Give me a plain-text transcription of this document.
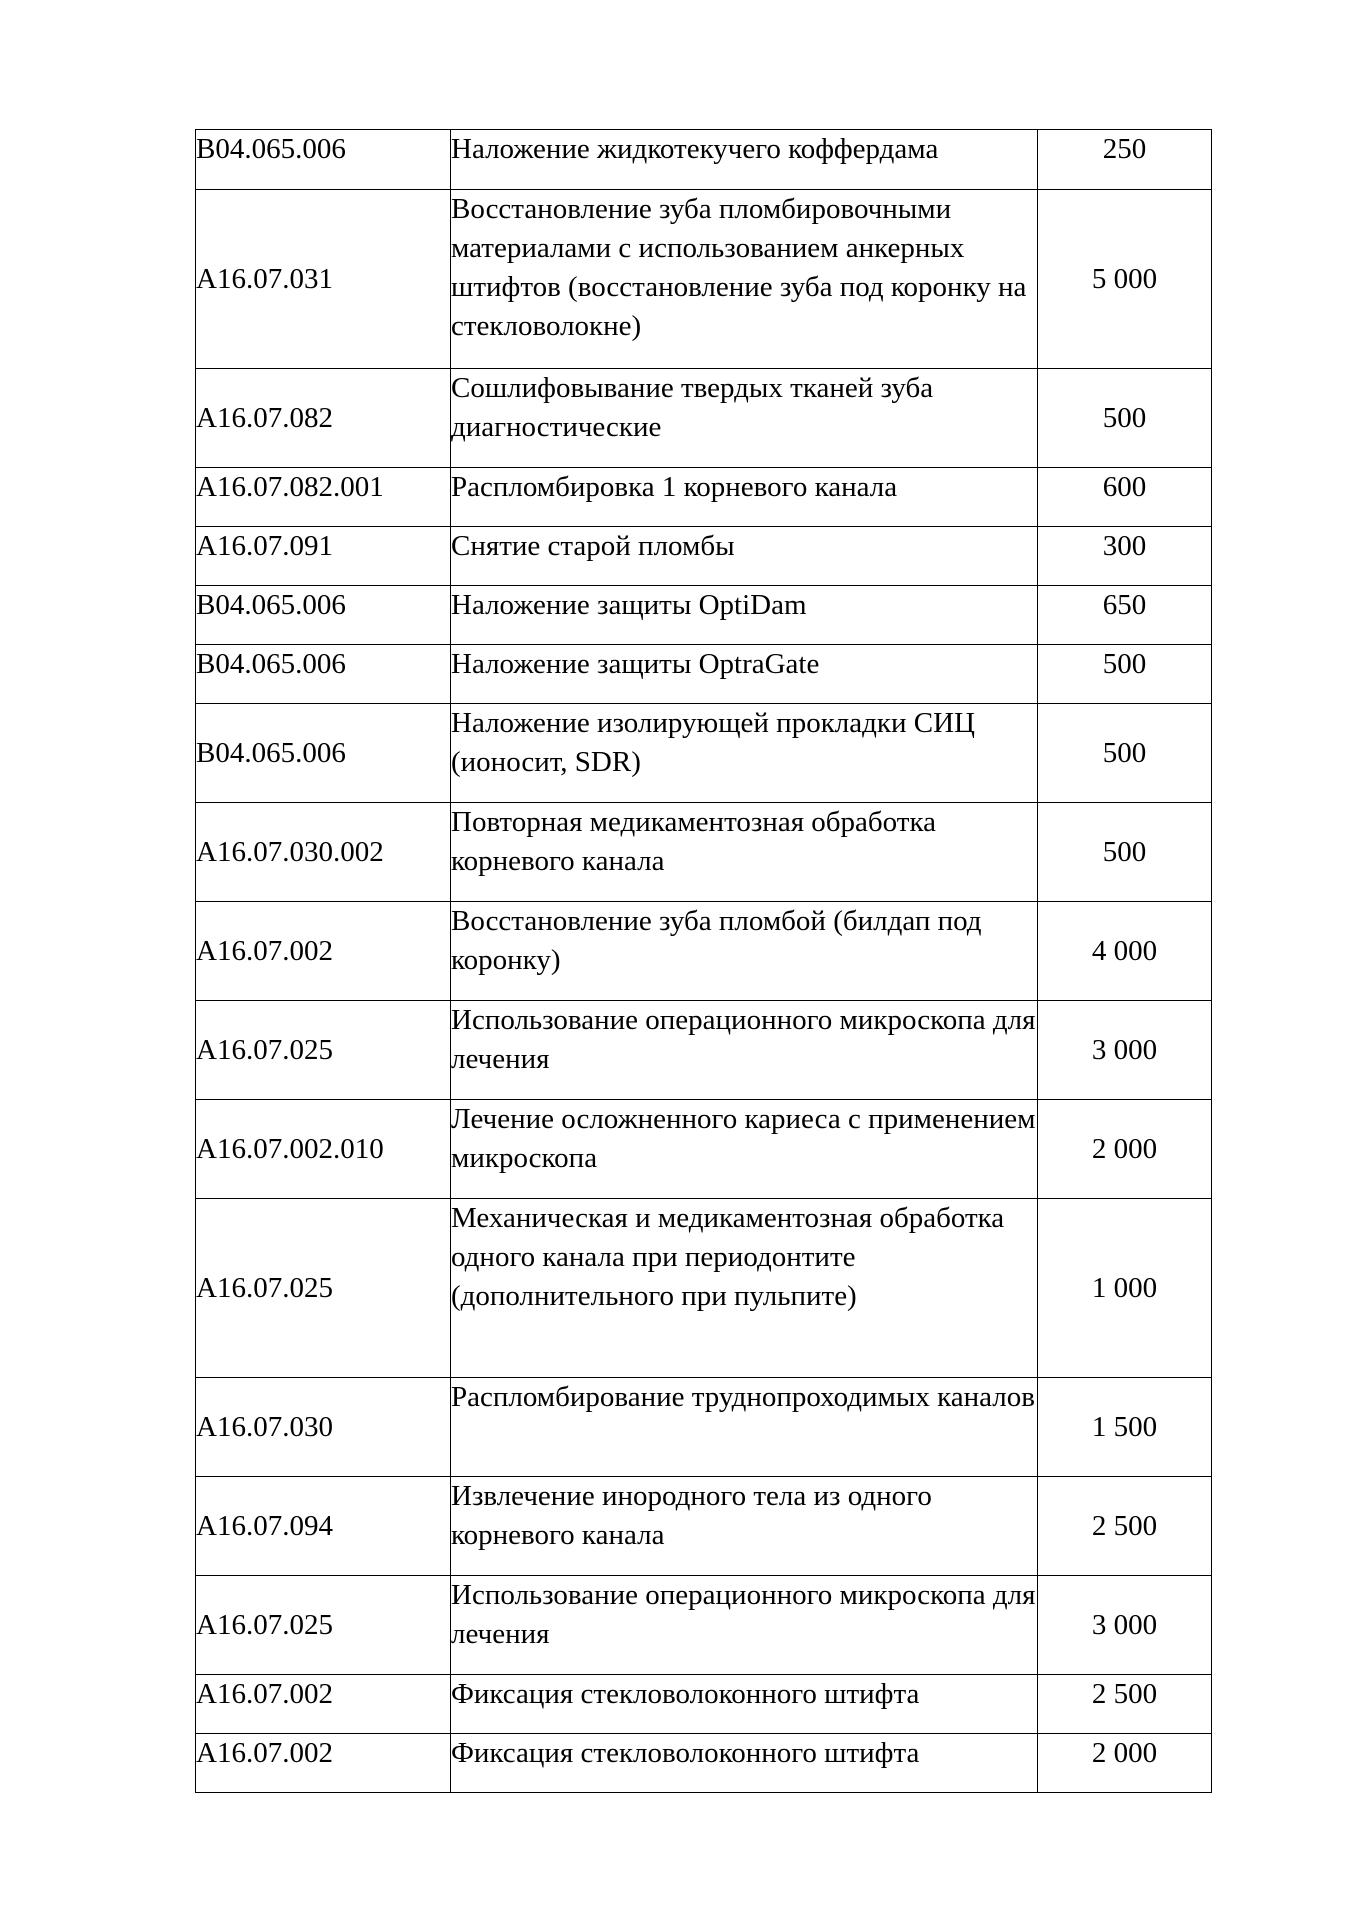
В04.065.006	Наложение жидкотекучего коффердама	250
А16.07.031	Восстановление зуба пломбировочными материалами с использованием анкерных штифтов (восстановление зуба под коронку на стекловолокне)	5 000
А16.07.082	Сошлифовывание твердых тканей зуба диагностические	500
А16.07.082.001	Распломбировка 1 корневого канала	600
А16.07.091	Снятие старой пломбы	300
В04.065.006	Наложение защиты OptiDam	650
В04.065.006	Наложение защиты OptraGate	500
В04.065.006	Наложение изолирующей прокладки СИЦ (ионосит, SDR)	500
А16.07.030.002	Повторная медикаментозная обработка корневого канала	500
А16.07.002	Восстановление зуба пломбой (билдап под коронку)	4 000
А16.07.025	Использование операционного микроскопа для лечения	3 000
А16.07.002.010	Лечение осложненного кариеса с применением микроскопа	2 000
А16.07.025	Механическая и медикаментозная обработка одного канала при периодонтите (дополнительного при пульпите)	1 000
А16.07.030	Распломбирование труднопроходимых каналов	1 500
А16.07.094	Извлечение инородного тела из одного корневого канала	2 500
А16.07.025	Использование операционного микроскопа для лечения	3 000
А16.07.002	Фиксация стекловолоконного штифта	2 500
А16.07.002	Фиксация стекловолоконного штифта	2 000
